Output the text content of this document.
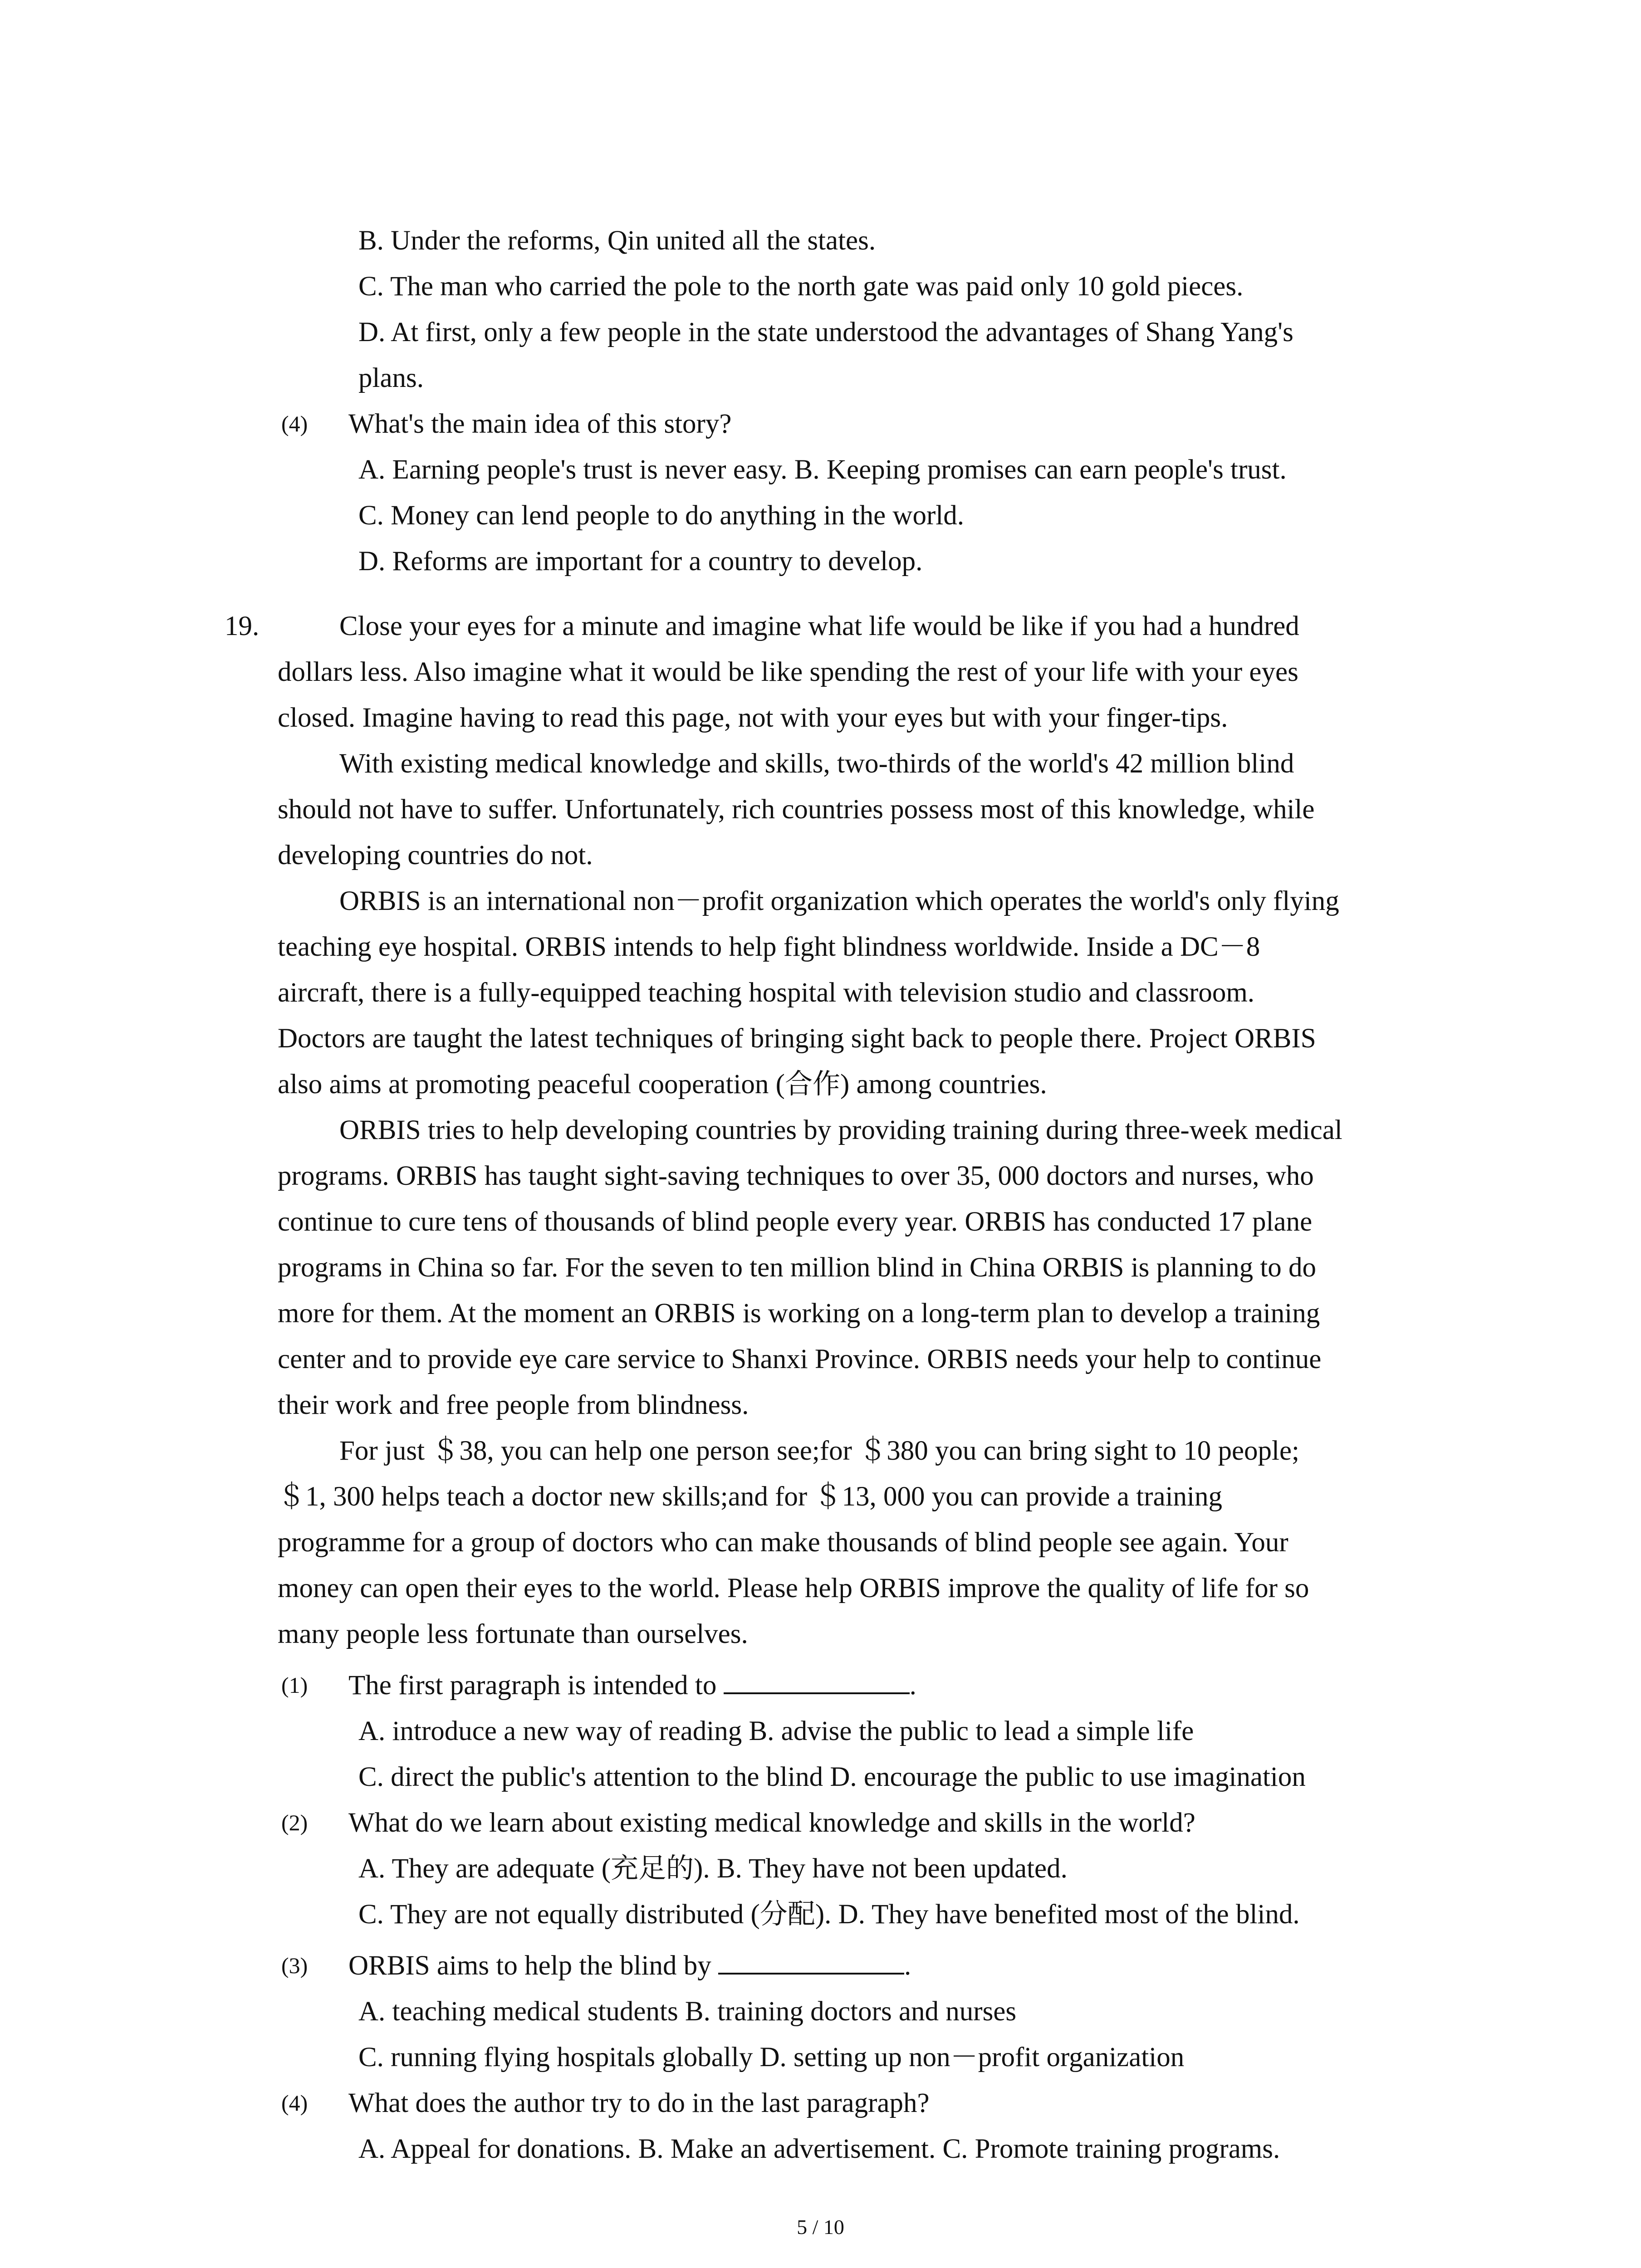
B. Under the reforms, Qin united all the states.
C. The man who carried the pole to the north gate was paid only 10 gold pieces.
D. At first, only a few people in the state understood the advantages of Shang Yang's
plans.
(4) What's the main idea of this story?
A. Earning people's trust is never easy. B. Keeping promises can earn people's trust.
C. Money can lend people to do anything in the world.
D. Reforms are important for a country to develop.
19.	Close your eyes for a minute and imagine what life would be like if you had a hundred
dollars less. Also imagine what it would be like spending the rest of your life with your eyes
closed. Imagine having to read this page, not with your eyes but with your finger-tips.
With existing medical knowledge and skills, two-thirds of the world's 42 million blind
should not have to suffer. Unfortunately, rich countries possess most of this knowledge, while
developing countries do not.
ORBIS is an international non－profit organization which operates the world's only flying
teaching eye hospital. ORBIS intends to help fight blindness worldwide. Inside a DC－8
aircraft, there is a fully-equipped teaching hospital with television studio and classroom.
Doctors are taught the latest techniques of bringing sight back to people there. Project ORBIS
also aims at promoting peaceful cooperation (合作) among countries.
ORBIS tries to help developing countries by providing training during three-week medical
programs. ORBIS has taught sight-saving techniques to over 35, 000 doctors and nurses, who
continue to cure tens of thousands of blind people every year. ORBIS has conducted 17 plane
programs in China so far. For the seven to ten million blind in China ORBIS is planning to do
more for them. At the moment an ORBIS is working on a long-term plan to develop a training
center and to provide eye care service to Shanxi Province. ORBIS needs your help to continue
their work and free people from blindness.
For just ＄38, you can help one person see;for ＄380 you can bring sight to 10 people;
＄1, 300 helps teach a doctor new skills;and for ＄13, 000 you can provide a training
programme for a group of doctors who can make thousands of blind people see again. Your
money can open their eyes to the world. Please help ORBIS improve the quality of life for so
many people less fortunate than ourselves.
(1) The first paragraph is intended to	.
A. introduce a new way of reading B. advise the public to lead a simple life
C. direct the public's attention to the blind D. encourage the public to use imagination
(2) What do we learn about existing medical knowledge and skills in the world?
A. They are adequate (充足的). B. They have not been updated.
C. They are not equally distributed (分配). D. They have benefited most of the blind.
(3) ORBIS aims to help the blind by	.
A. teaching medical students B. training doctors and nurses
C. running flying hospitals globally D. setting up non－profit organization
(4) What does the author try to do in the last paragraph?
A. Appeal for donations. B. Make an advertisement. C. Promote training programs.
5 / 10
